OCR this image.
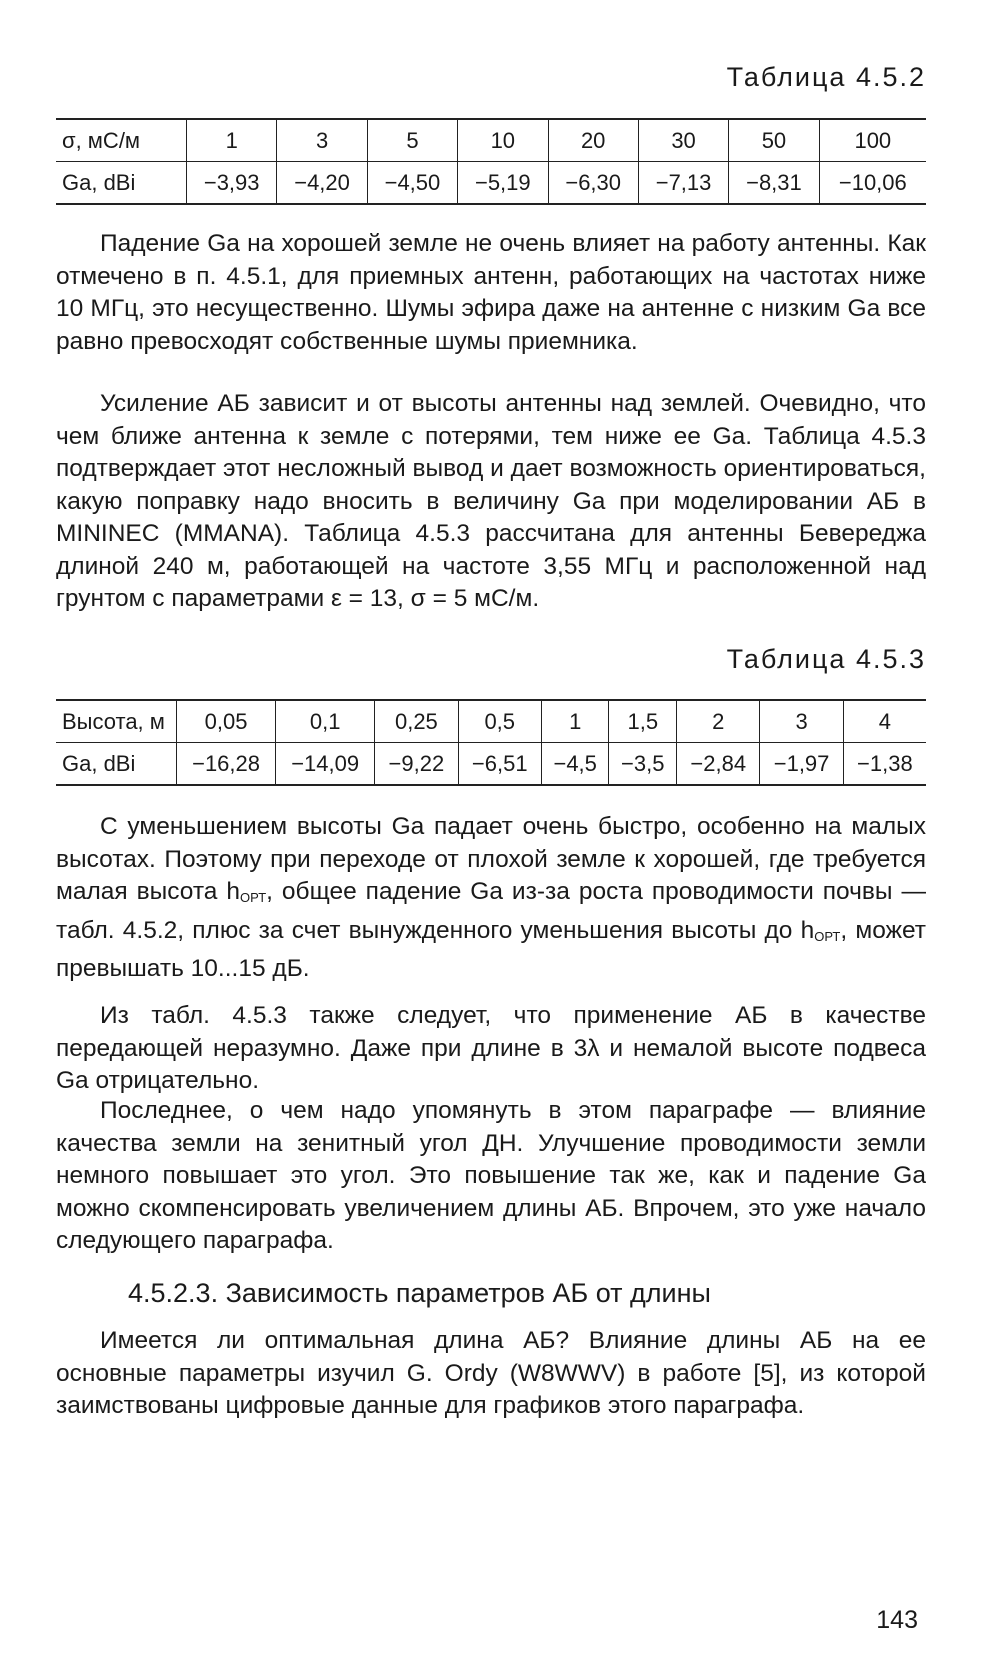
Таблица 4.5.2
σ, мС/м	1	3	5	10	20	30	50	100
Ga, dBi	−3,93	−4,20	−4,50	−5,19	−6,30	−7,13	−8,31	−10,06

Падение Ga на хорошей земле не очень влияет на работу антенны. Как отмечено в п. 4.5.1, для приемных антенн, работающих на частотах ниже 10 МГц, это несущественно. Шумы эфира даже на антенне с низким Ga все равно превосходят собственные шумы приемника.

Усиление АБ зависит и от высоты антенны над землей. Очевидно, что чем ближе антенна к земле с потерями, тем ниже ее Ga. Таблица 4.5.3 подтверждает этот несложный вывод и дает возможность ориентироваться, какую поправку надо вносить в величину Ga при моделировании АБ в MININEC (MMANA). Таблица 4.5.3 рассчитана для антенны Бевереджа длиной 240 м, работающей на частоте 3,55 МГц и расположенной над грунтом с параметрами ε = 13, σ = 5 мС/м.

Таблица 4.5.3
Высота, м	0,05	0,1	0,25	0,5	1	1,5	2	3	4
Ga, dBi	−16,28	−14,09	−9,22	−6,51	−4,5	−3,5	−2,84	−1,97	−1,38

С уменьшением высоты Ga падает очень быстро, особенно на малых высотах. Поэтому при переходе от плохой земле к хорошей, где требуется малая высота $h_{ОРТ}$, общее падение Ga из-за роста проводимости почвы — табл. 4.5.2, плюс за счет вынужденного уменьшения высоты до $h_{ОРТ}$, может превышать 10...15 дБ.

Из табл. 4.5.3 также следует, что применение АБ в качестве передающей неразумно. Даже при длине в 3λ и немалой высоте подвеса Ga отрицательно.

Последнее, о чем надо упомянуть в этом параграфе — влияние качества земли на зенитный угол ДН. Улучшение проводимости земли немного повышает это угол. Это повышение так же, как и падение Ga можно скомпенсировать увеличением длины АБ. Впрочем, это уже начало следующего параграфа.

4.5.2.3. Зависимость параметров АБ от длины

Имеется ли оптимальная длина АБ? Влияние длины АБ на ее основные параметры изучил G. Ordy (W8WWV) в работе [5], из которой заимствованы цифровые данные для графиков этого параграфа.

143
